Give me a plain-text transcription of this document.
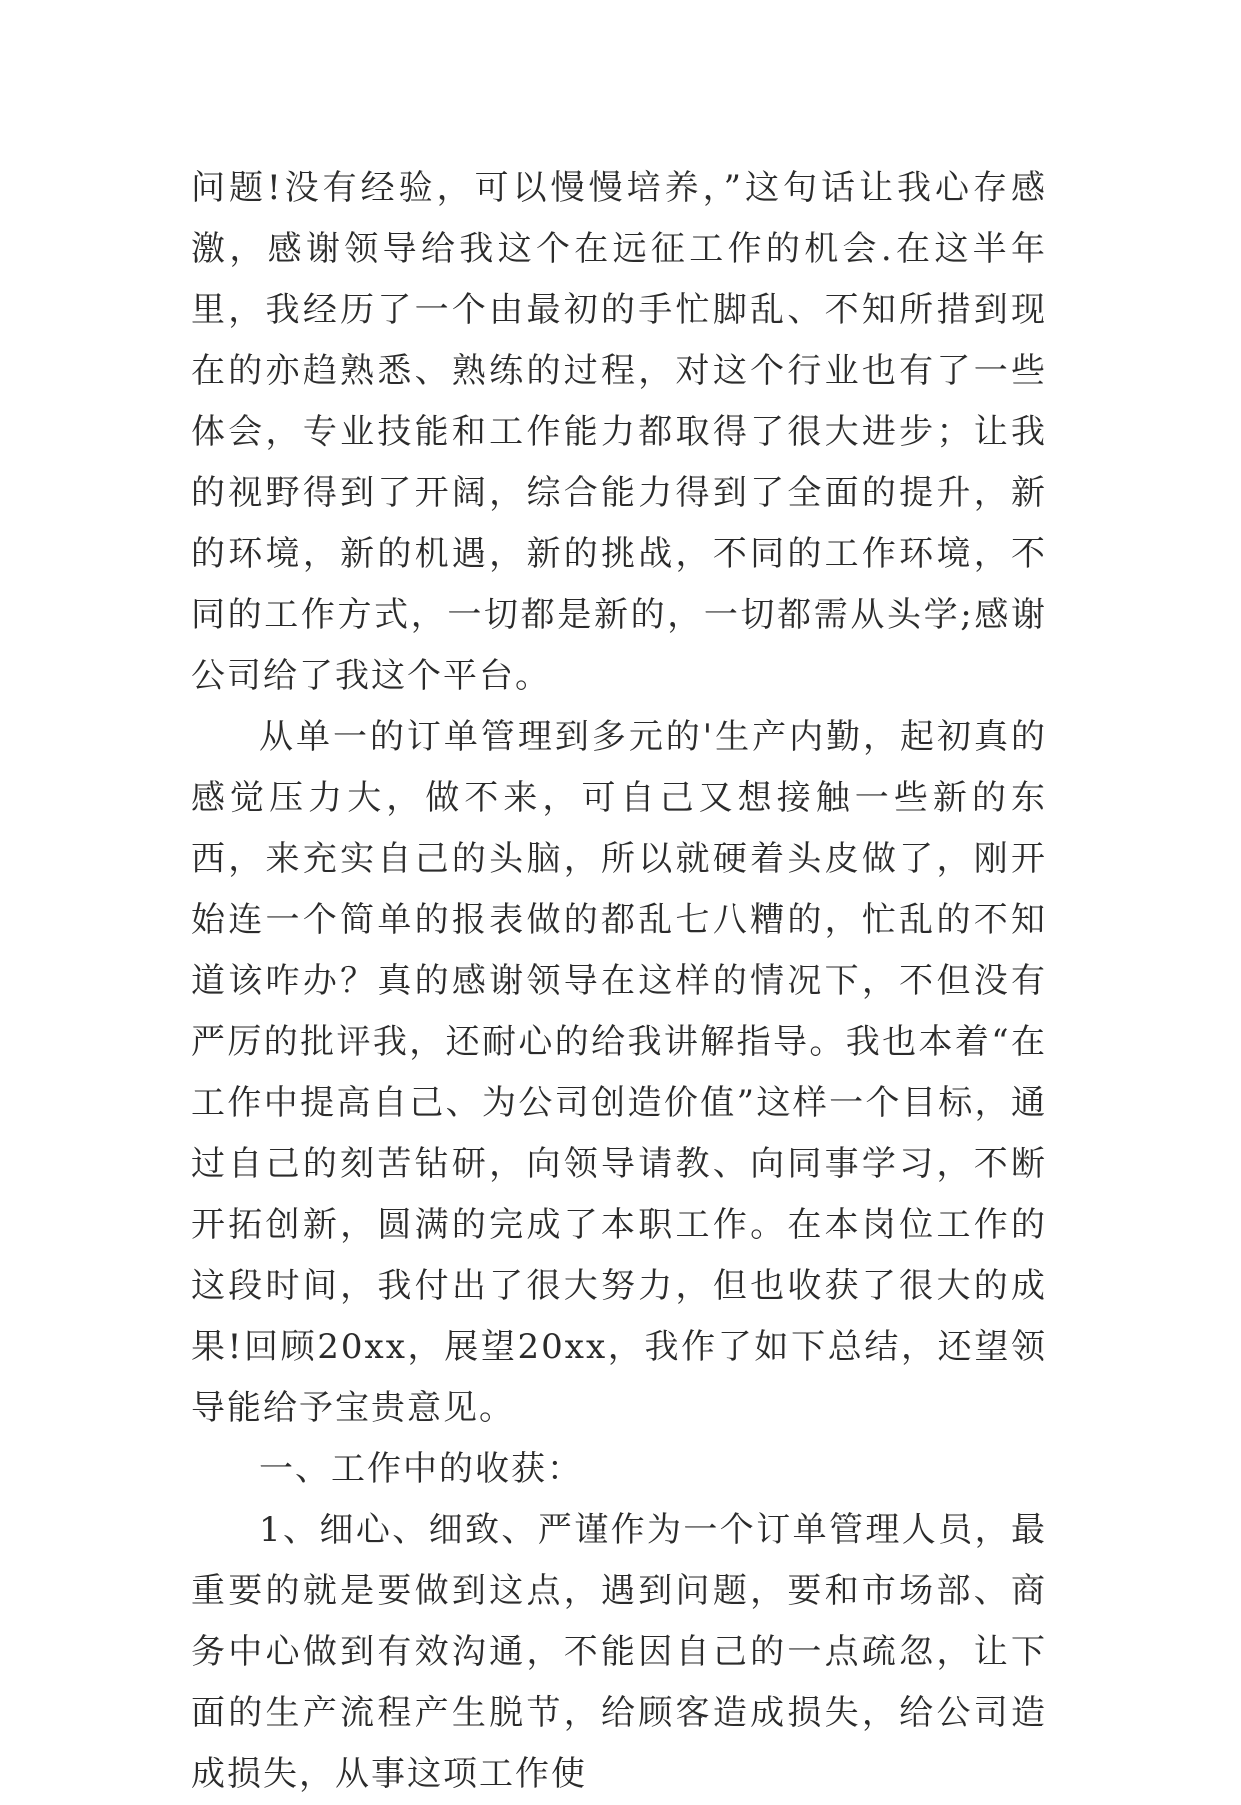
问题!没有经验，可以慢慢培养，”这句话让我心存感激，感谢领导给我这个在远征工作的机会.在这半年里，我经历了一个由最初的手忙脚乱、不知所措到现在的亦趋熟悉、熟练的过程，对这个行业也有了一些体会，专业技能和工作能力都取得了很大进步；让我的视野得到了开阔，综合能力得到了全面的提升，新的环境，新的机遇，新的挑战，不同的工作环境，不同的工作方式，一切都是新的，一切都需从头学;感谢公司给了我这个平台。

从单一的订单管理到多元的'生产内勤，起初真的感觉压力大，做不来，可自己又想接触一些新的东西，来充实自己的头脑，所以就硬着头皮做了，刚开始连一个简单的报表做的都乱七八糟的，忙乱的不知道该咋办？真的感谢领导在这样的情况下，不但没有严厉的批评我，还耐心的给我讲解指导。我也本着“在工作中提高自己、为公司创造价值”这样一个目标，通过自己的刻苦钻研，向领导请教、向同事学习，不断开拓创新，圆满的完成了本职工作。在本岗位工作的这段时间，我付出了很大努力，但也收获了很大的成果!回顾20xx，展望20xx，我作了如下总结，还望领导能给予宝贵意见。

一、工作中的收获：

1、细心、细致、严谨作为一个订单管理人员，最重要的就是要做到这点，遇到问题，要和市场部、商务中心做到有效沟通，不能因自己的一点疏忽，让下面的生产流程产生脱节，给顾客造成损失，给公司造成损失，从事这项工作使
